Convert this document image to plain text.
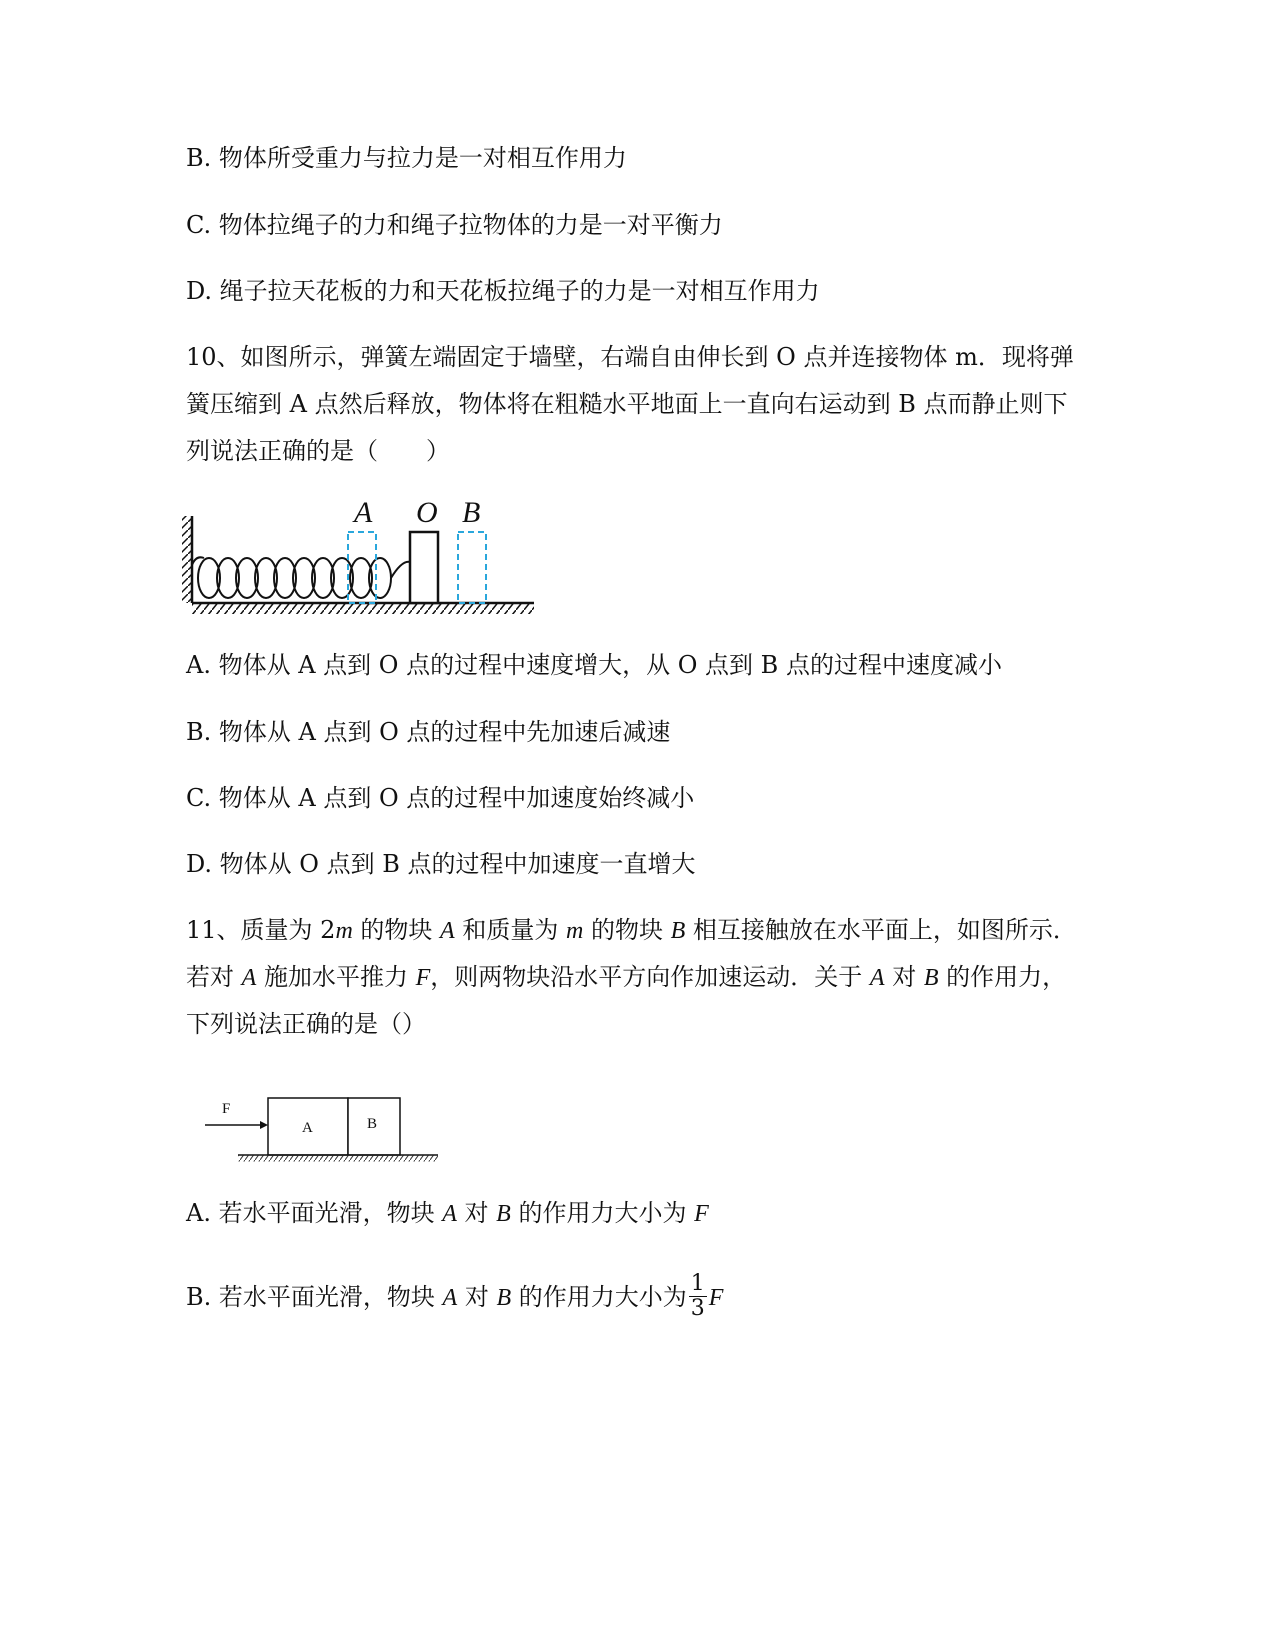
B. 物体所受重力与拉力是一对相互作用力
C. 物体拉绳子的力和绳子拉物体的力是一对平衡力
D. 绳子拉天花板的力和天花板拉绳子的力是一对相互作用力
10、如图所示，弹簧左端固定于墙壁，右端自由伸长到 O 点并连接物体 m．现将弹
簧压缩到 A 点然后释放，物体将在粗糙水平地面上一直向右运动到 B 点而静止则下
列说法正确的是（　　）
A O B
A. 物体从 A 点到 O 点的过程中速度增大，从 O 点到 B 点的过程中速度减小
B. 物体从 A 点到 O 点的过程中先加速后减速
C. 物体从 A 点到 O 点的过程中加速度始终减小
D. 物体从 O 点到 B 点的过程中加速度一直增大
11、质量为 2m 的物块 A 和质量为 m 的物块 B 相互接触放在水平面上，如图所示．
若对 A 施加水平推力 F，则两物块沿水平方向作加速运动．关于 A 对 B 的作用力，
下列说法正确的是（）
F
A	B
A. 若水平面光滑，物块 A 对 B 的作用力大小为 F
B. 若水平面光滑，物块 A 对 B 的作用力大小为 $\frac{1}{3}$ F
